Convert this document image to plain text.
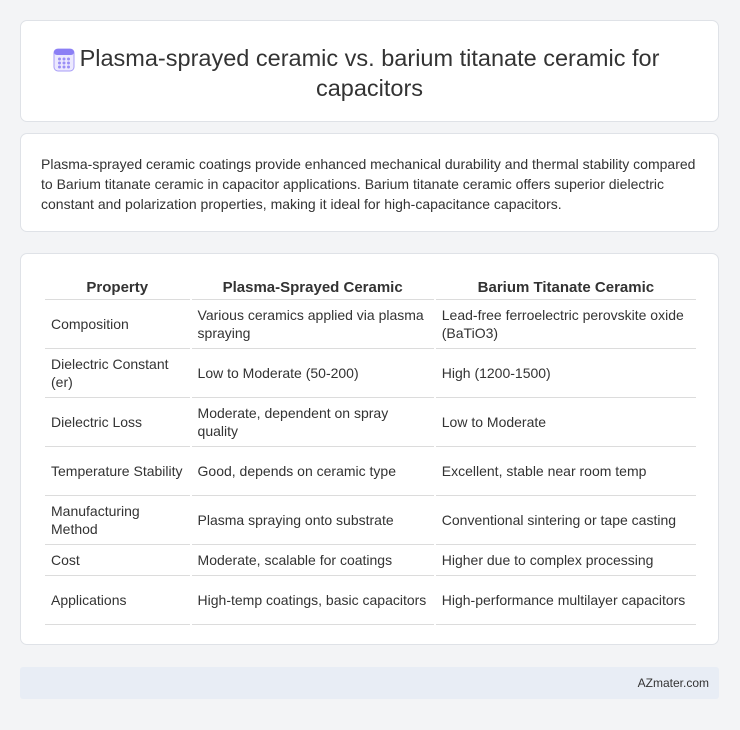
Plasma-sprayed ceramic vs. barium titanate ceramic for capacitors

Plasma-sprayed ceramic coatings provide enhanced mechanical durability and thermal stability compared to Barium titanate ceramic in capacitor applications. Barium titanate ceramic offers superior dielectric constant and polarization properties, making it ideal for high-capacitance capacitors.

Property	Plasma-Sprayed Ceramic	Barium Titanate Ceramic
Composition	Various ceramics applied via plasma spraying	Lead-free ferroelectric perovskite oxide (BaTiO3)
Dielectric Constant (er)	Low to Moderate (50-200)	High (1200-1500)
Dielectric Loss	Moderate, dependent on spray quality	Low to Moderate
Temperature Stability	Good, depends on ceramic type	Excellent, stable near room temp
Manufacturing Method	Plasma spraying onto substrate	Conventional sintering or tape casting
Cost	Moderate, scalable for coatings	Higher due to complex processing
Applications	High-temp coatings, basic capacitors	High-performance multilayer capacitors
AZmater.com
